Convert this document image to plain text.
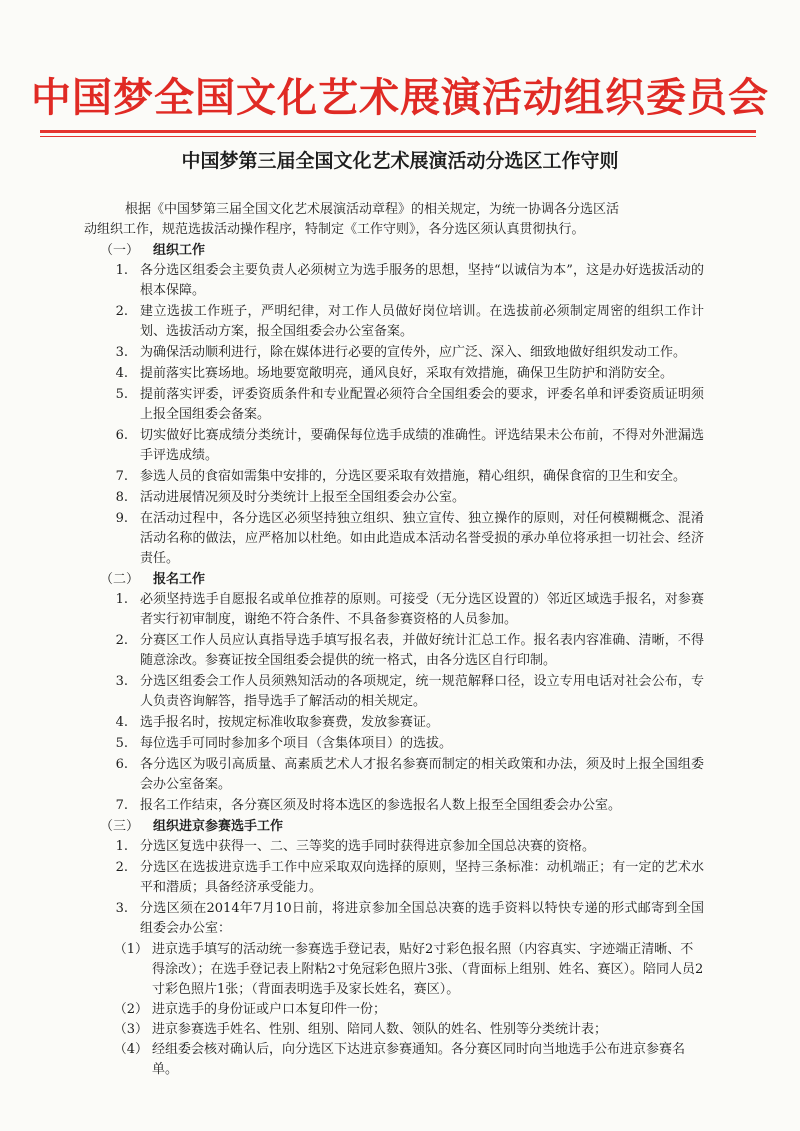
中国梦全国文化艺术展演活动组织委员会
中国梦第三届全国文化艺术展演活动分选区工作守则

根据《中国梦第三届全国文化艺术展演活动章程》的相关规定，为统一协调各分选区活

动组织工作，规范选拔活动操作程序，特制定《工作守则》，各分选区须认真贯彻执行。

（一） 组织工作
1. 各分选区组委会主要负责人必须树立为选手服务的思想，坚持“以诚信为本”，这是办好选拔活动的根本保障。
2. 建立选拔工作班子，严明纪律，对工作人员做好岗位培训。在选拔前必须制定周密的组织工作计划、选拔活动方案，报全国组委会办公室备案。
3. 为确保活动顺利进行，除在媒体进行必要的宣传外，应广泛、深入、细致地做好组织发动工作。
4. 提前落实比赛场地。场地要宽敞明亮，通风良好，采取有效措施，确保卫生防护和消防安全。
5. 提前落实评委，评委资质条件和专业配置必须符合全国组委会的要求，评委名单和评委资质证明须上报全国组委会备案。
6. 切实做好比赛成绩分类统计，要确保每位选手成绩的准确性。评选结果未公布前，不得对外泄漏选手评选成绩。
7. 参选人员的食宿如需集中安排的，分选区要采取有效措施，精心组织，确保食宿的卫生和安全。
8. 活动进展情况须及时分类统计上报至全国组委会办公室。
9. 在活动过程中，各分选区必须坚持独立组织、独立宣传、独立操作的原则，对任何模糊概念、混淆活动名称的做法，应严格加以杜绝。如由此造成本活动名誉受损的承办单位将承担一切社会、经济责任。
（二） 报名工作
1. 必须坚持选手自愿报名或单位推荐的原则。可接受（无分选区设置的）邻近区域选手报名，对参赛者实行初审制度，谢绝不符合条件、不具备参赛资格的人员参加。
2. 分赛区工作人员应认真指导选手填写报名表，并做好统计汇总工作。报名表内容准确、清晰，不得随意涂改。参赛证按全国组委会提供的统一格式，由各分选区自行印制。
3. 分选区组委会工作人员须熟知活动的各项规定，统一规范解释口径，设立专用电话对社会公布，专人负责咨询解答，指导选手了解活动的相关规定。
4. 选手报名时，按规定标准收取参赛费，发放参赛证。
5. 每位选手可同时参加多个项目（含集体项目）的选拔。
6. 各分选区为吸引高质量、高素质艺术人才报名参赛而制定的相关政策和办法，须及时上报全国组委会办公室备案。
7. 报名工作结束，各分赛区须及时将本选区的参选报名人数上报至全国组委会办公室。
（三） 组织进京参赛选手工作
1. 分选区复选中获得一、二、三等奖的选手同时获得进京参加全国总决赛的资格。
2. 分选区在选拔进京选手工作中应采取双向选择的原则，坚持三条标准：动机端正；有一定的艺术水平和潜质；具备经济承受能力。
3. 分选区须在2014年7月10日前，将进京参加全国总决赛的选手资料以特快专递的形式邮寄到全国组委会办公室：
（1） 进京选手填写的活动统一参赛选手登记表，贴好2寸彩色报名照（内容真实、字迹端正清晰、不得涂改）；在选手登记表上附粘2寸免冠彩色照片3张、（背面标上组别、姓名、赛区）。陪同人员2寸彩色照片1张；（背面表明选手及家长姓名，赛区）。
（2） 进京选手的身份证或户口本复印件一份；
（3） 进京参赛选手姓名、性别、组别、陪同人数、领队的姓名、性别等分类统计表；
（4） 经组委会核对确认后，向分选区下达进京参赛通知。各分赛区同时向当地选手公布进京参赛名单。
